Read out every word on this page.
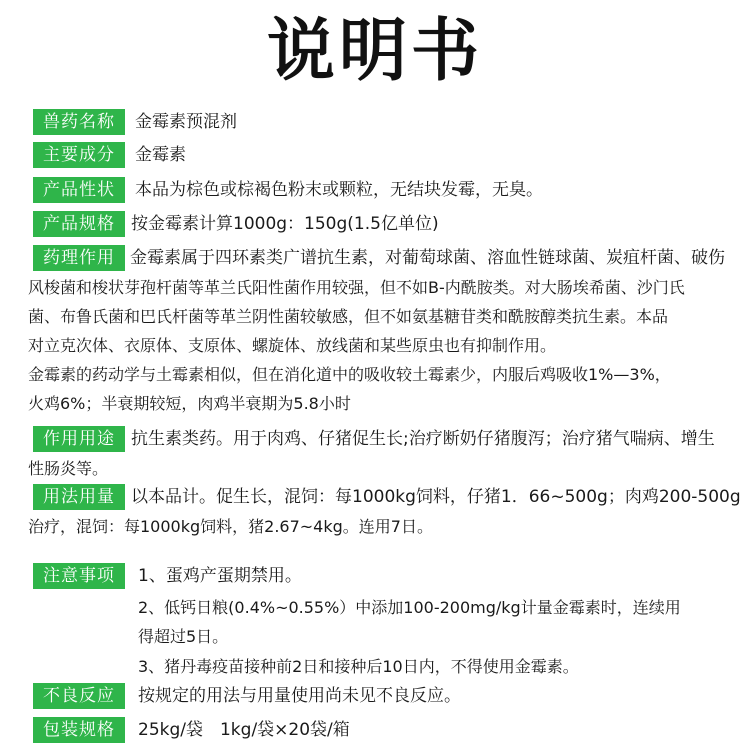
说明书
兽药名称	金霉素预混剂
主要成分	金霉素
产品性状	本品为棕色或棕褐色粉末或颗粒，无结块发霉，无臭。
产品规格 按金霉素计算1000g：150g(1.5亿单位)
药理作用 金霉素属于四环素类广谱抗生素，对葡萄球菌、溶血性链球菌、炭疽杆菌、破伤
风梭菌和梭状芽孢杆菌等革兰氏阳性菌作用较强，但不如B-内酰胺类。对大肠埃希菌、沙门氏
菌、布鲁氏菌和巴氏杆菌等革兰阴性菌较敏感，但不如氨基糖苷类和酰胺醇类抗生素。本品
对立克次体、衣原体、支原体、螺旋体、放线菌和某些原虫也有抑制作用。
金霉素的药动学与土霉素相似，但在消化道中的吸收较土霉素少，内服后鸡吸收1%—3%，
火鸡6%；半衰期较短，肉鸡半衰期为5.8小时
作用用途 抗生素类药。用于肉鸡、仔猪促生长;治疗断奶仔猪腹泻；治疗猪气喘病、增生
性肠炎等。
用法用量 以本品计。促生长，混饲：每1000kg饲料，仔猪1．66~500g；肉鸡200-500g
治疗，混饲：每1000kg饲料，猪2.67~4kg。连用7日。
注意事项	1、蛋鸡产蛋期禁用。
2、低钙日粮(0.4%~0.55%）中添加100-200mg/kg计量金霉素时，连续用
得超过5日。
3、猪丹毒疫苗接种前2日和接种后10日内，不得使用金霉素。
不良反应	按规定的用法与用量使用尚未见不良反应。
包装规格	25kg/袋　1kg/袋×20袋/箱
